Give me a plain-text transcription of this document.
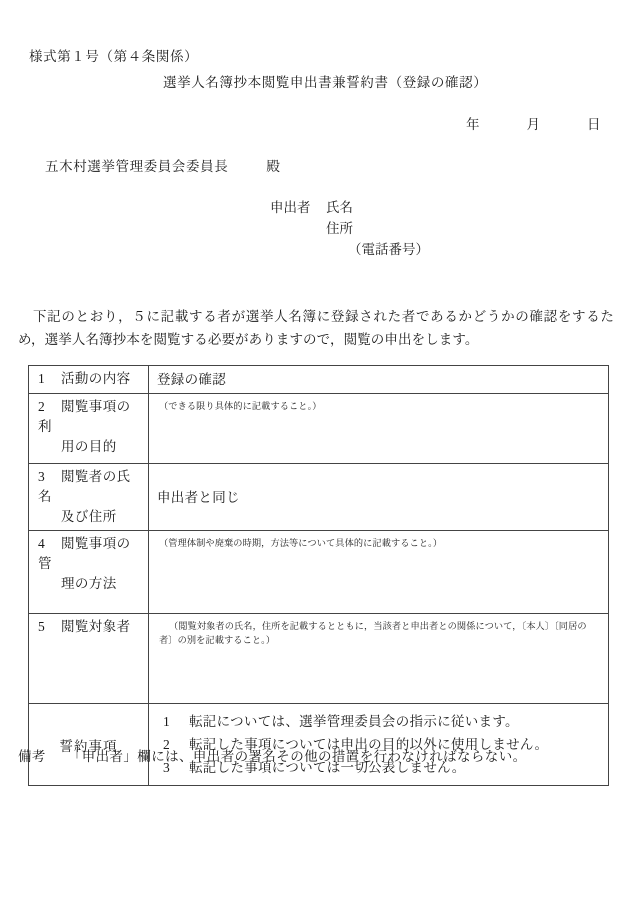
様式第１号（第４条関係）
選挙人名簿抄本閲覧申出書兼誓約書（登録の確認）
年	月	日
五木村選挙管理委員会委員長	殿
申出者 氏名
住所
（電話番号）
下記のとおり，５に記載する者が選挙人名簿に登録された者であるかどうかの確認をするため，選挙人名簿抄本を閲覧する必要がありますので，閲覧の申出をします。
1 活動の内容	登録の確認

2 閲覧事項の利
用の目的	（できる限り具体的に記載すること。）

3 閲覧者の氏名
及び住所	申出者と同じ

4 閲覧事項の管
理の方法	（管理体制や廃棄の時期，方法等について具体的に記載すること。）

5 閲覧対象者	（閲覧対象者の氏名，住所を記載するとともに，当該者と申出者との関係について，〔本人〕〔同居の者〕の別を記載すること。）

誓約事項	1 転記については、選挙管理委員会の指示に従います。
2 転記した事項については申出の目的以外に使用しません。
3 転記した事項については一切公表しません。
備考 「申出者」欄には、申出者の署名その他の措置を行わなければならない。
